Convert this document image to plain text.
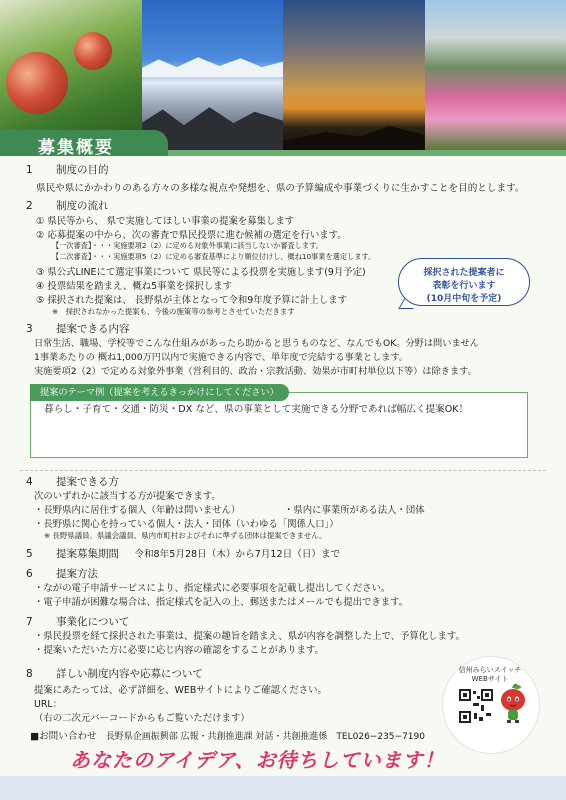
募集概要
1 制度の目的
県民や県にかかわりのある方々の多様な視点や発想を、県の予算編成や事業づくりに生かすことを目的とします。
2 制度の流れ
① 県民等から、 県で実施してほしい事業の提案を募集します
② 応募提案の中から、次の審査で県民投票に進む候補の選定を行います。
【一次審査】・・・実施要項2（2）に定める対象外事業に該当しないか審査します。
【二次審査】・・・実施要項5（2）に定める審査基準により順位付けし、概ね10事業を選定します。
③ 県公式LINEにて選定事業について 県民等による投票を実施します(9月予定)
④ 投票結果を踏まえ、概ね5事業を採択します
⑤ 採択された提案は、 長野県が主体となって令和9年度予算に計上します
※　採択されなかった提案も、今後の施策等の参考とさせていただきます
採択された提案者に
表彰を行います
(10月中旬を予定)
3 提案できる内容
日常生活、職場、学校等でこんな仕組みがあったら助かると思うものなど、なんでもOK。分野は問いません
1事業あたりの 概ね1,000万円以内で実施できる内容で、単年度で完結する事業とします。
実施要項2（2）で定める対象外事業（営利目的、政治・宗教活動、効果が市町村単位以下等）は除きます。
提案のテーマ例（提案を考えるきっかけにしてください）
暮らし・子育て・交通・防災・DX など、県の事業として実施できる分野であれば幅広く提案OK！
4 提案できる方
次のいずれかに該当する方が提案できます。
・長野県内に居住する個人（年齢は問いません）	・県内に事業所がある法人・団体
・長野県に関心を持っている個人・法人・団体（いわゆる「関係人口」）
※ 長野県議員、県議会議員、県内市町村およびそれに準ずる団体は提案できません。
5 提案募集期間 令和8年5月28日（木）から7月12日（日）まで
6 提案方法
・ながの電子申請サービスにより、指定様式に必要事項を記載し提出してください。
・電子申請が困難な場合は、指定様式を記入の上、郵送またはメールでも提出できます。
7 事業化について
・県民投票を経て採択された事業は、提案の趣旨を踏まえ、県が内容を調整した上で、予算化します。
・提案いただいた方に必要に応じ内容の確認をすることがあります。
8 詳しい制度内容や応募について
提案にあたっては、必ず詳細を、WEBサイトによりご確認ください。
URL：
（右の二次元バーコードからもご覧いただけます）
■お問い合わせ 長野県企画振興部 広報・共創推進課 対話・共創推進係　TEL026−235−7190
信州みらいスイッチ
WEBサイト
あなたのアイデア、お待ちしています！
